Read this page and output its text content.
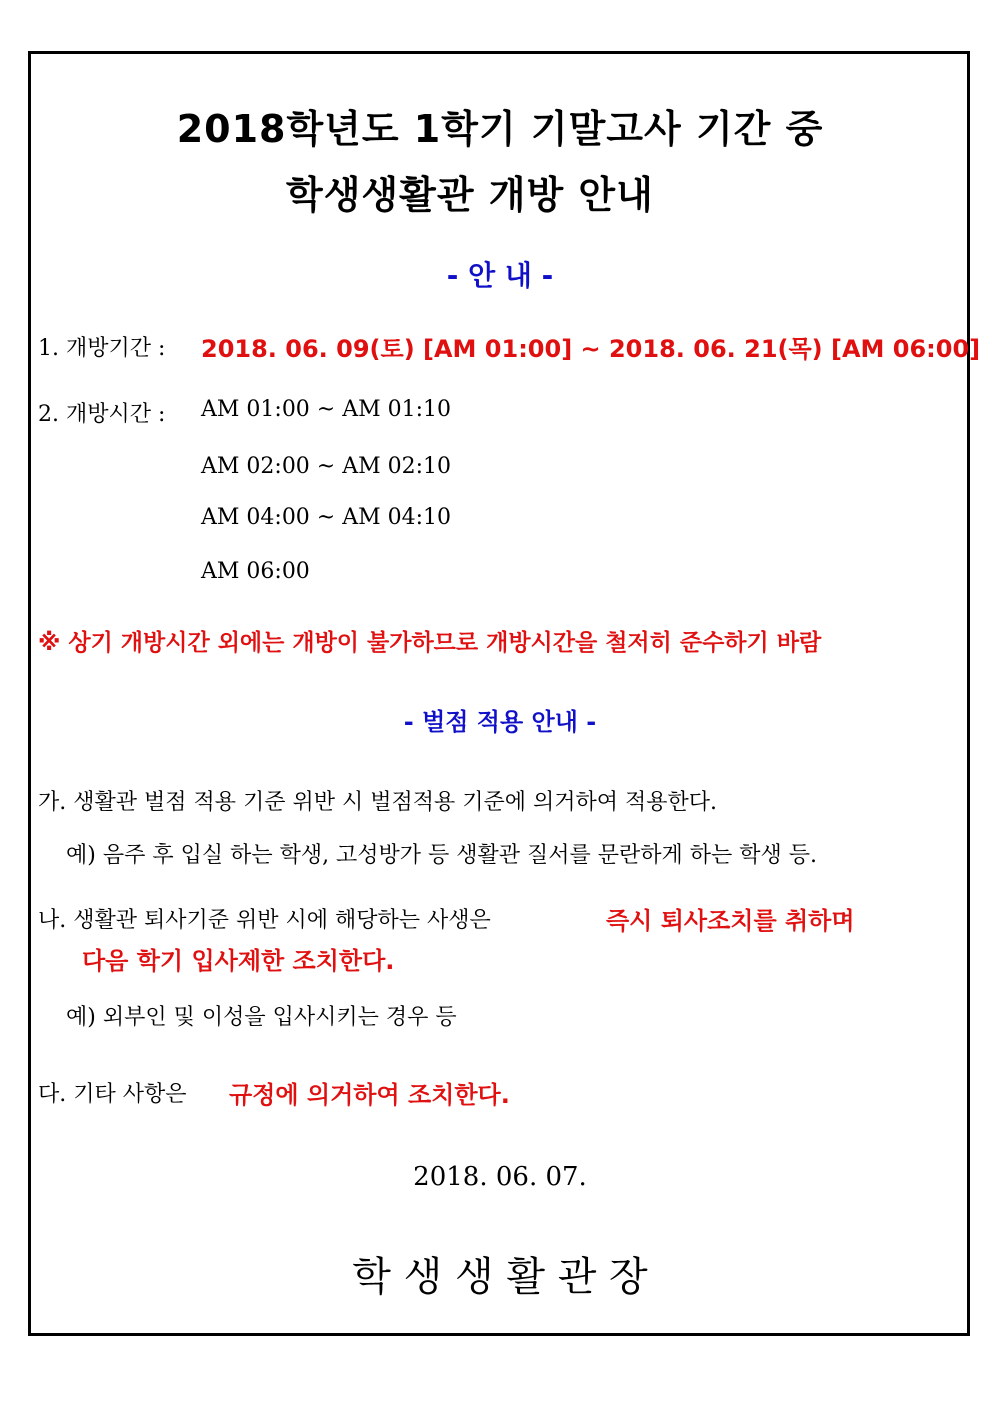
2018학년도 1학기 기말고사 기간 중
학생생활관 개방 안내
- 안 내 -
1. 개방기간 : 2018. 06. 09(토) [AM 01:00] ~ 2018. 06. 21(목) [AM 06:00]
2. 개방시간 : AM 01:00 ~ AM 01:10
AM 02:00 ~ AM 02:10
AM 04:00 ~ AM 04:10
AM 06:00
※ 상기 개방시간 외에는 개방이 불가하므로 개방시간을 철저히 준수하기 바람
- 벌점 적용 안내 -
가. 생활관 벌점 적용 기준 위반 시 벌점적용 기준에 의거하여 적용한다.
예) 음주 후 입실 하는 학생, 고성방가 등 생활관 질서를 문란하게 하는 학생 등.
나. 생활관 퇴사기준 위반 시에 해당하는 사생은	즉시 퇴사조치를 취하며
다음 학기 입사제한 조치한다.
예) 외부인 및 이성을 입사시키는 경우 등
다. 기타 사항은 규정에 의거하여 조치한다.
2018. 06. 07.
학 생 생 활 관 장
